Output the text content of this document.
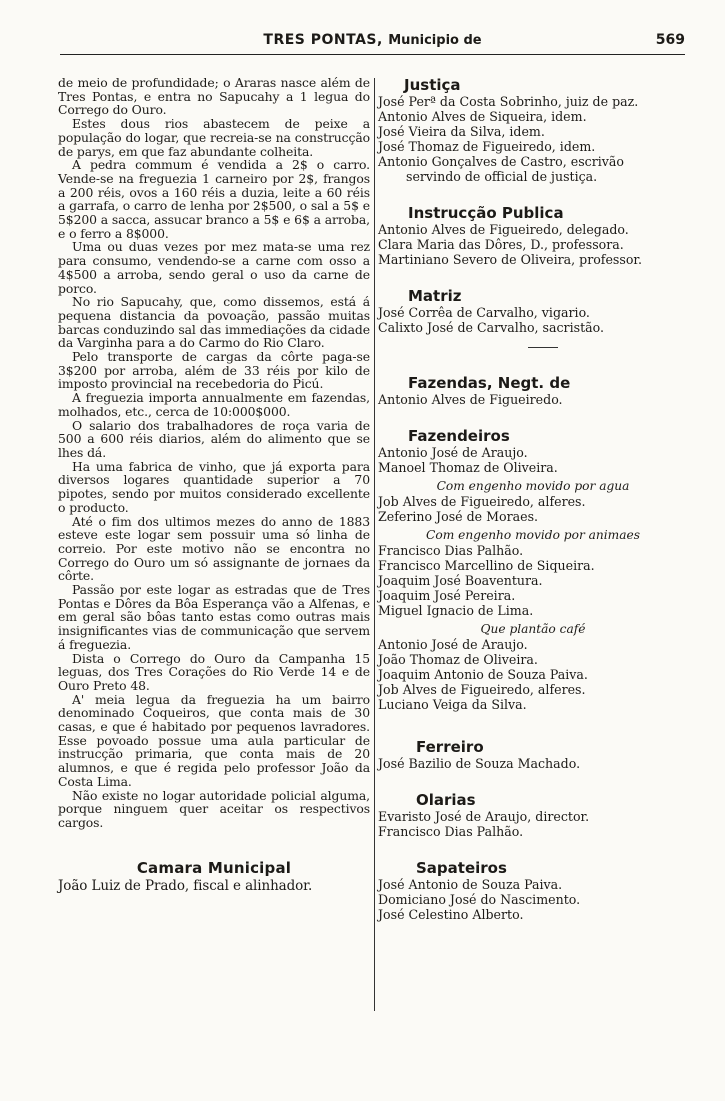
TRES PONTAS, Municipio de	569

de meio de profundidade; o Araras nasce além de Tres Pontas, e entra no Sapucahy a 1 legua do Corrego do Ouro.

Estes dous rios abastecem de peixe a população do logar, que recreia-se na construcção de parys, em que faz abundante colheita.

A pedra commum é vendida a 2$ o carro. Vende-se na freguezia 1 carneiro por 2$, frangos a 200 réis, ovos a 160 réis a duzia, leite a 60 réis a garrafa, o carro de lenha por 2$500, o sal a 5$ e 5$200 a sacca, assucar branco a 5$ e 6$ a arroba, e o ferro a 8$000.

Uma ou duas vezes por mez mata-se uma rez para consumo, vendendo-se a carne com osso a 4$500 a arroba, sendo geral o uso da carne de porco.

No rio Sapucahy, que, como dissemos, está á pequena distancia da povoação, passão muitas barcas conduzindo sal das immediações da cidade da Varginha para a do Carmo do Rio Claro.

Pelo transporte de cargas da côrte paga-se 3$200 por arroba, além de 33 réis por kilo de imposto provincial na recebedoria do Picú.

A freguezia importa annualmente em fazendas, molhados, etc., cerca de 10:000$000.

O salario dos trabalhadores de roça varia de 500 a 600 réis diarios, além do alimento que se lhes dá.

Ha uma fabrica de vinho, que já exporta para diversos logares quantidade superior a 70 pipotes, sendo por muitos considerado excellente o producto.

Até o fim dos ultimos mezes do anno de 1883 esteve este logar sem possuir uma só linha de correio. Por este motivo não se encontra no Corrego do Ouro um só assignante de jornaes da côrte.

Passão por este logar as estradas que de Tres Pontas e Dôres da Bôa Esperança vão a Alfenas, e em geral são bôas tanto estas como outras mais insignificantes vias de communicação que servem á freguezia.

Dista o Corrego do Ouro da Campanha 15 leguas, dos Tres Corações do Rio Verde 14 e de Ouro Preto 48.

A' meia legua da freguezia ha um bairro denominado Coqueiros, que conta mais de 30 casas, e que é habitado por pequenos lavradores. Esse povoado possue uma aula particular de instrucção primaria, que conta mais de 20 alumnos, e que é regida pelo professor João da Costa Lima.

Não existe no logar autoridade policial alguma, porque ninguem quer aceitar os respectivos cargos.

Camara Municipal

João Luiz de Prado, fiscal e alinhador.

Justiça

José Perª da Costa Sobrinho, juiz de paz.

Antonio Alves de Siqueira, idem.

José Vieira da Silva, idem.

José Thomaz de Figueiredo, idem.

Antonio Gonçalves de Castro, escrivão

servindo de official de justiça.

Instrucção Publica

Antonio Alves de Figueiredo, delegado.

Clara Maria das Dôres, D., professora.

Martiniano Severo de Oliveira, professor.

Matriz

José Corrêa de Carvalho, vigario.

Calixto José de Carvalho, sacristão.

Fazendas, Negt. de

Antonio Alves de Figueiredo.

Fazendeiros

Antonio José de Araujo.

Manoel Thomaz de Oliveira.

Com engenho movido por agua

Job Alves de Figueiredo, alferes.

Zeferino José de Moraes.

Com engenho movido por animaes

Francisco Dias Palhão.

Francisco Marcellino de Siqueira.

Joaquim José Boaventura.

Joaquim José Pereira.

Miguel Ignacio de Lima.

Que plantão café

Antonio José de Araujo.

João Thomaz de Oliveira.

Joaquim Antonio de Souza Paiva.

Job Alves de Figueiredo, alferes.

Luciano Veiga da Silva.

Ferreiro

José Bazilio de Souza Machado.

Olarias

Evaristo José de Araujo, director.

Francisco Dias Palhão.

Sapateiros

José Antonio de Souza Paiva.

Domiciano José do Nascimento.

José Celestino Alberto.
